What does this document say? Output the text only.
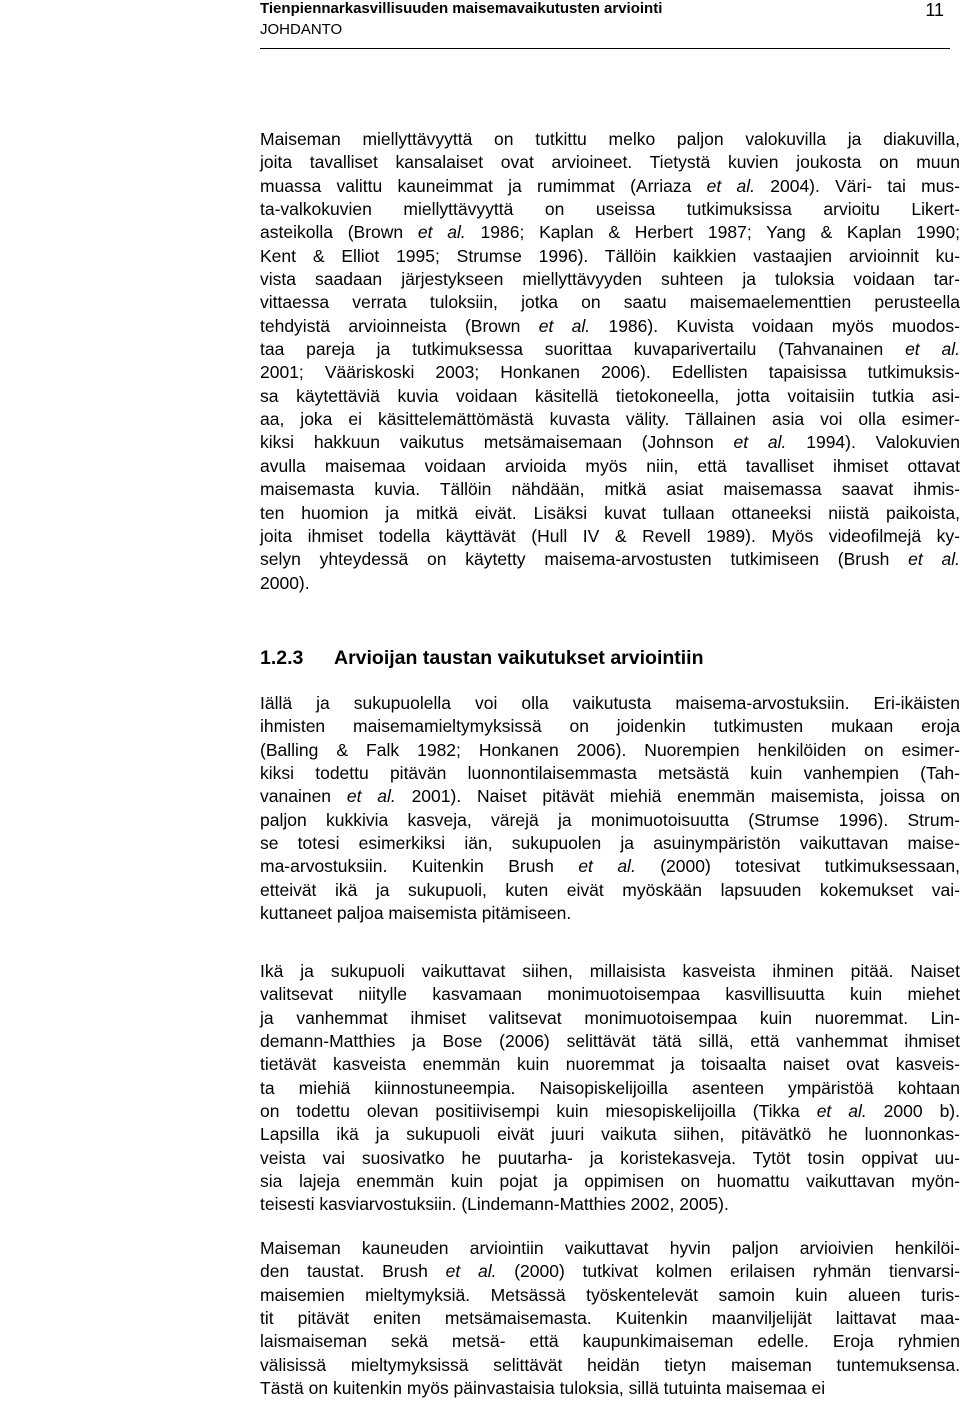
Tienpiennarkasvillisuuden maisemavaikutusten arviointi
JOHDANTO
11
Maiseman miellyttävyyttä on tutkittu melko paljon valokuvilla ja diakuvilla,
joita tavalliset kansalaiset ovat arvioineet. Tietystä kuvien joukosta on muun
muassa valittu kauneimmat ja rumimmat (Arriaza et al. 2004). Väri- tai mus-
ta-valkokuvien miellyttävyyttä on useissa tutkimuksissa arvioitu Likert-
asteikolla (Brown et al. 1986; Kaplan & Herbert 1987; Yang & Kaplan 1990;
Kent & Elliot 1995; Strumse 1996). Tällöin kaikkien vastaajien arvioinnit ku-
vista saadaan järjestykseen miellyttävyyden suhteen ja tuloksia voidaan tar-
vittaessa verrata tuloksiin, jotka on saatu maisemaelementtien perusteella
tehdyistä arvioinneista (Brown et al. 1986). Kuvista voidaan myös muodos-
taa pareja ja tutkimuksessa suorittaa kuvaparivertailu (Tahvanainen et al.
2001; Vääriskoski 2003; Honkanen 2006). Edellisten tapaisissa tutkimuksis-
sa käytettäviä kuvia voidaan käsitellä tietokoneella, jotta voitaisiin tutkia asi-
aa, joka ei käsittelemättömästä kuvasta välity. Tällainen asia voi olla esimer-
kiksi hakkuun vaikutus metsämaisemaan (Johnson et al. 1994). Valokuvien
avulla maisemaa voidaan arvioida myös niin, että tavalliset ihmiset ottavat
maisemasta kuvia. Tällöin nähdään, mitkä asiat maisemassa saavat ihmis-
ten huomion ja mitkä eivät. Lisäksi kuvat tullaan ottaneeksi niistä paikoista,
joita ihmiset todella käyttävät (Hull IV & Revell 1989). Myös videofilmejä ky-
selyn yhteydessä on käytetty maisema-arvostusten tutkimiseen (Brush et al.
2000).
1.2.3 Arvioijan taustan vaikutukset arviointiin
Iällä ja sukupuolella voi olla vaikutusta maisema-arvostuksiin. Eri-ikäisten
ihmisten maisemamieltymyksissä on joidenkin tutkimusten mukaan eroja
(Balling & Falk 1982; Honkanen 2006). Nuorempien henkilöiden on esimer-
kiksi todettu pitävän luonnontilaisemmasta metsästä kuin vanhempien (Tah-
vanainen et al. 2001). Naiset pitävät miehiä enemmän maisemista, joissa on
paljon kukkivia kasveja, värejä ja monimuotoisuutta (Strumse 1996). Strum-
se totesi esimerkiksi iän, sukupuolen ja asuinympäristön vaikuttavan maise-
ma-arvostuksiin. Kuitenkin Brush et al. (2000) totesivat tutkimuksessaan,
etteivät ikä ja sukupuoli, kuten eivät myöskään lapsuuden kokemukset vai-
kuttaneet paljoa maisemista pitämiseen.
Ikä ja sukupuoli vaikuttavat siihen, millaisista kasveista ihminen pitää. Naiset
valitsevat niitylle kasvamaan monimuotoisempaa kasvillisuutta kuin miehet
ja vanhemmat ihmiset valitsevat monimuotoisempaa kuin nuoremmat. Lin-
demann-Matthies ja Bose (2006) selittävät tätä sillä, että vanhemmat ihmiset
tietävät kasveista enemmän kuin nuoremmat ja toisaalta naiset ovat kasveis-
ta miehiä kiinnostuneempia. Naisopiskelijoilla asenteen ympäristöä kohtaan
on todettu olevan positiivisempi kuin miesopiskelijoilla (Tikka et al. 2000 b).
Lapsilla ikä ja sukupuoli eivät juuri vaikuta siihen, pitävätkö he luonnonkas-
veista vai suosivatko he puutarha- ja koristekasveja. Tytöt tosin oppivat uu-
sia lajeja enemmän kuin pojat ja oppimisen on huomattu vaikuttavan myön-
teisesti kasviarvostuksiin. (Lindemann-Matthies 2002, 2005).
Maiseman kauneuden arviointiin vaikuttavat hyvin paljon arvioivien henkilöi-
den taustat. Brush et al. (2000) tutkivat kolmen erilaisen ryhmän tienvarsi-
maisemien mieltymyksiä. Metsässä työskentelevät samoin kuin alueen turis-
tit pitävät eniten metsämaisemasta. Kuitenkin maanviljelijät laittavat maa-
laismaiseman sekä metsä- että kaupunkimaiseman edelle. Eroja ryhmien
välisissä mieltymyksissä selittävät heidän tietyn maiseman tuntemuksensa.
Tästä on kuitenkin myös päinvastaisia tuloksia, sillä tutuinta maisemaa ei
